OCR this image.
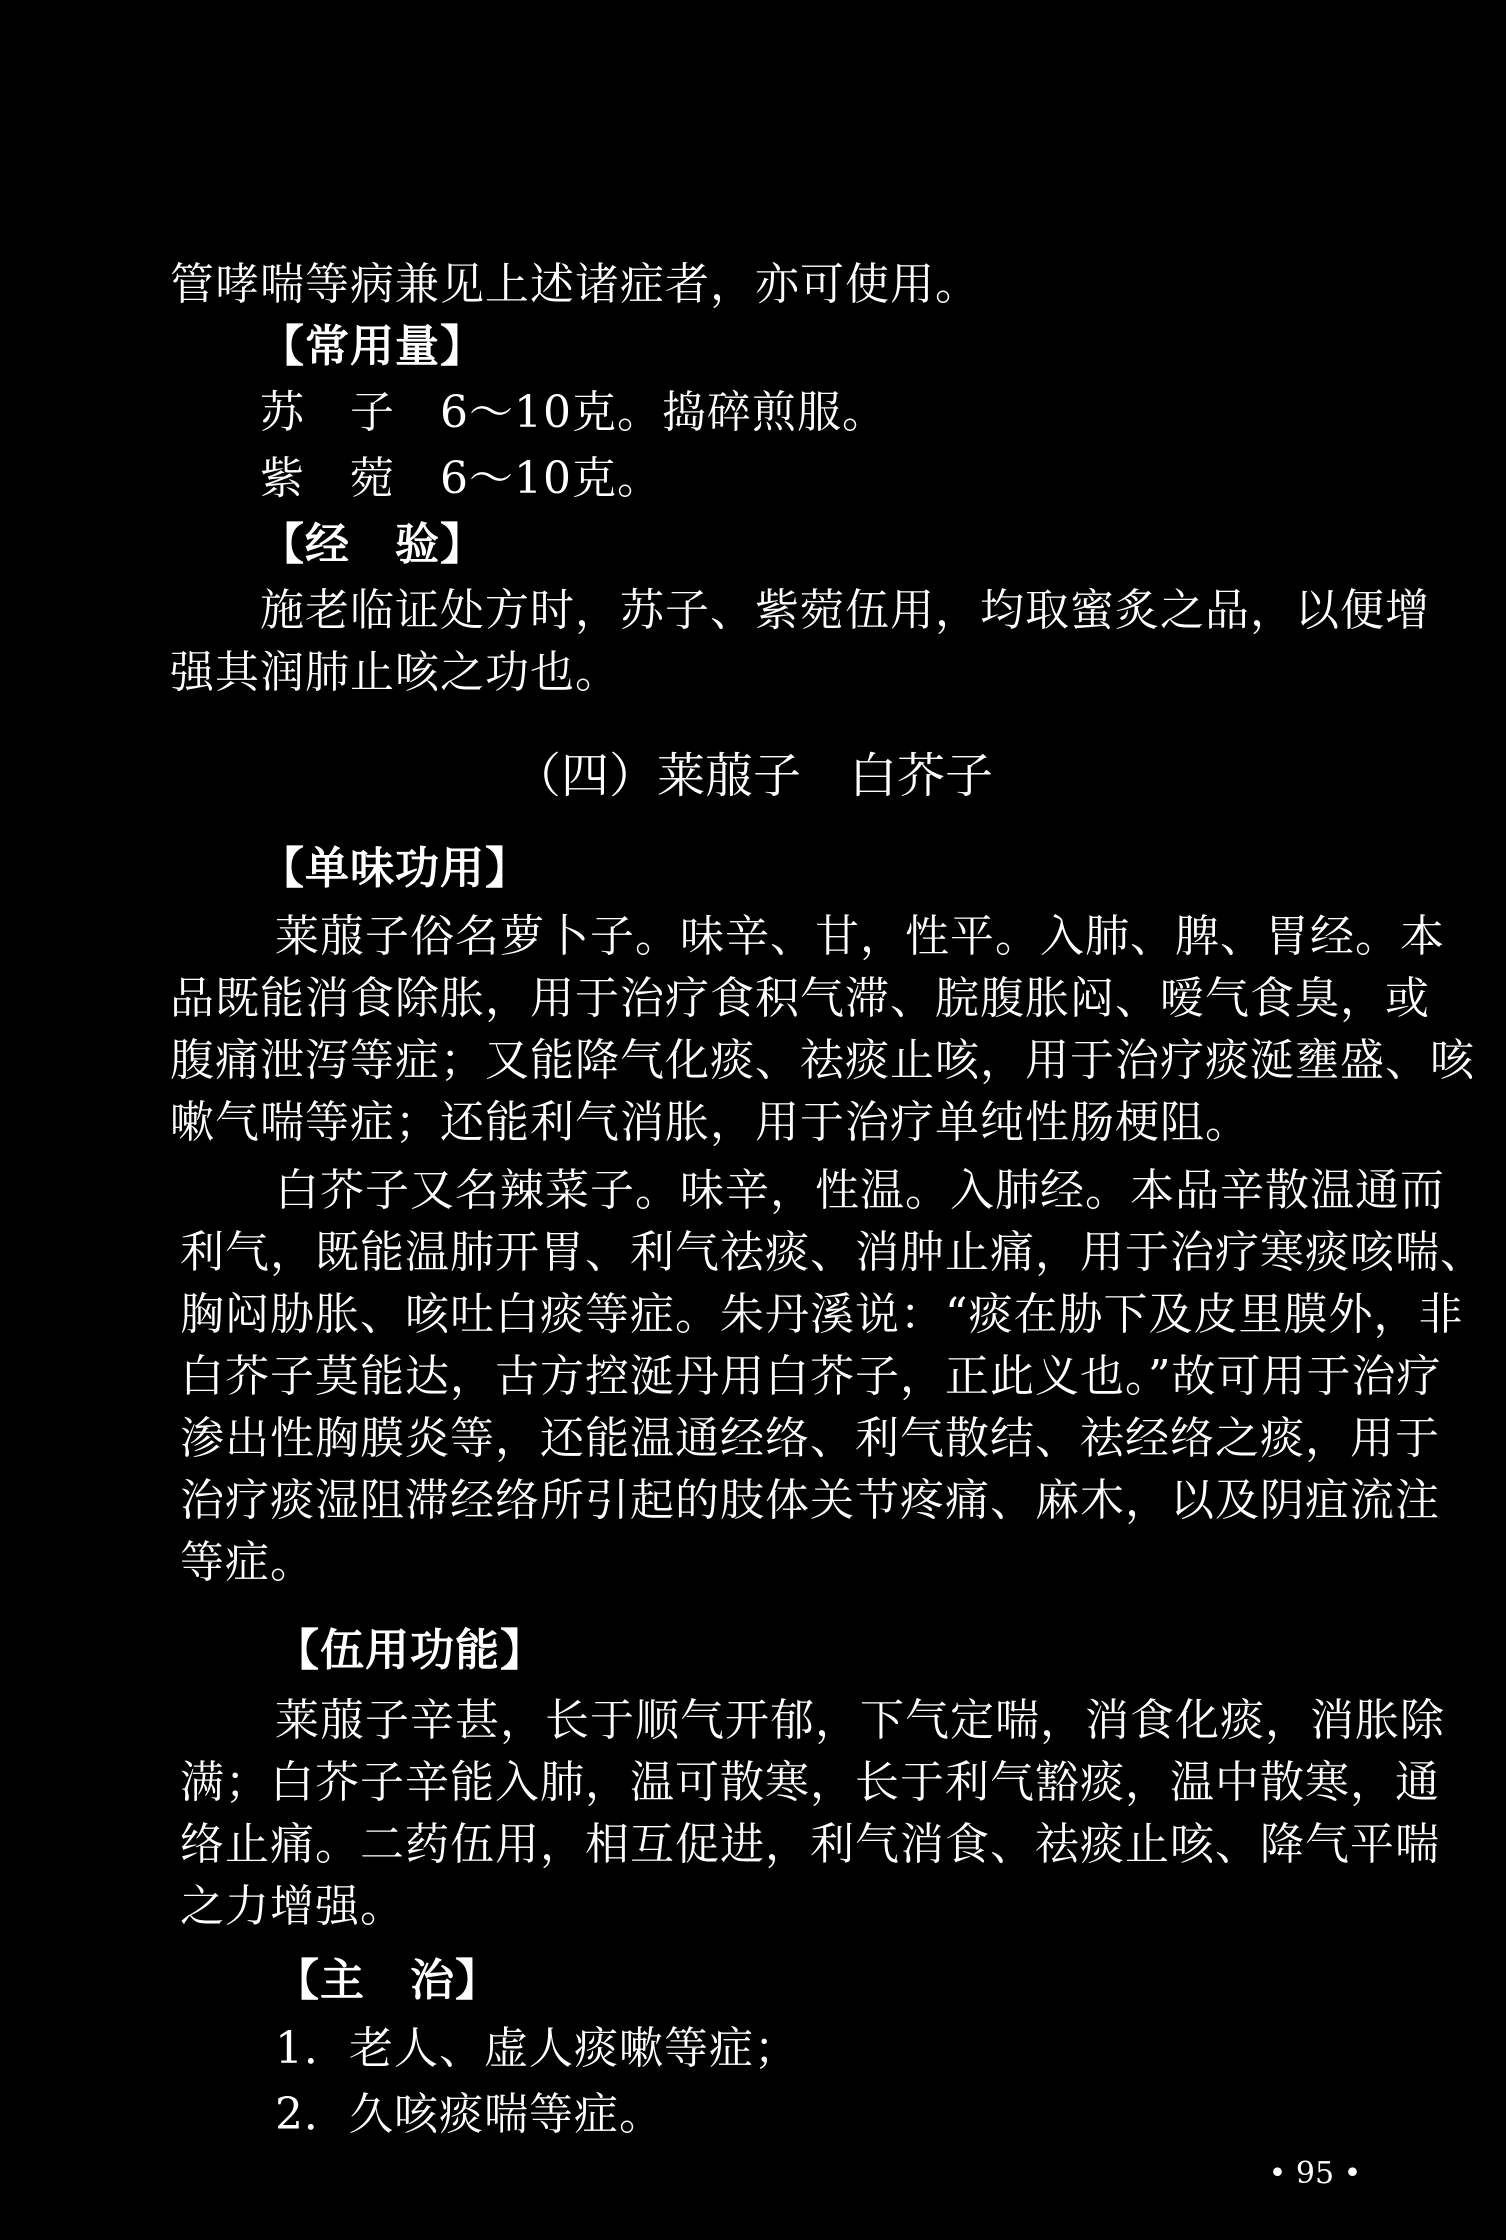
管哮喘等病兼见上述诸症者，亦可使用。
【常用量】
苏　子　6～10克。捣碎煎服。
紫　菀　6～10克。
【经　验】
施老临证处方时，苏子、紫菀伍用，均取蜜炙之品，以便增
强其润肺止咳之功也。
（四）莱菔子　白芥子
【单味功用】
莱菔子俗名萝卜子。味辛、甘，性平。入肺、脾、胃经。本
品既能消食除胀，用于治疗食积气滞、脘腹胀闷、嗳气食臭，或
腹痛泄泻等症；又能降气化痰、祛痰止咳，用于治疗痰涎壅盛、咳
嗽气喘等症；还能利气消胀，用于治疗单纯性肠梗阻。
白芥子又名辣菜子。味辛，性温。入肺经。本品辛散温通而
利气，既能温肺开胃、利气祛痰、消肿止痛，用于治疗寒痰咳喘、
胸闷胁胀、咳吐白痰等症。朱丹溪说：“痰在胁下及皮里膜外，非
白芥子莫能达，古方控涎丹用白芥子，正此义也。”故可用于治疗
渗出性胸膜炎等，还能温通经络、利气散结、祛经络之痰，用于
治疗痰湿阻滞经络所引起的肢体关节疼痛、麻木，以及阴疽流注
等症。
【伍用功能】
莱菔子辛甚，长于顺气开郁，下气定喘，消食化痰，消胀除
满；白芥子辛能入肺，温可散寒，长于利气豁痰，温中散寒，通
络止痛。二药伍用，相互促进，利气消食、祛痰止咳、降气平喘
之力增强。
【主　治】
1．老人、虚人痰嗽等症；
2．久咳痰喘等症。
• 95 •
